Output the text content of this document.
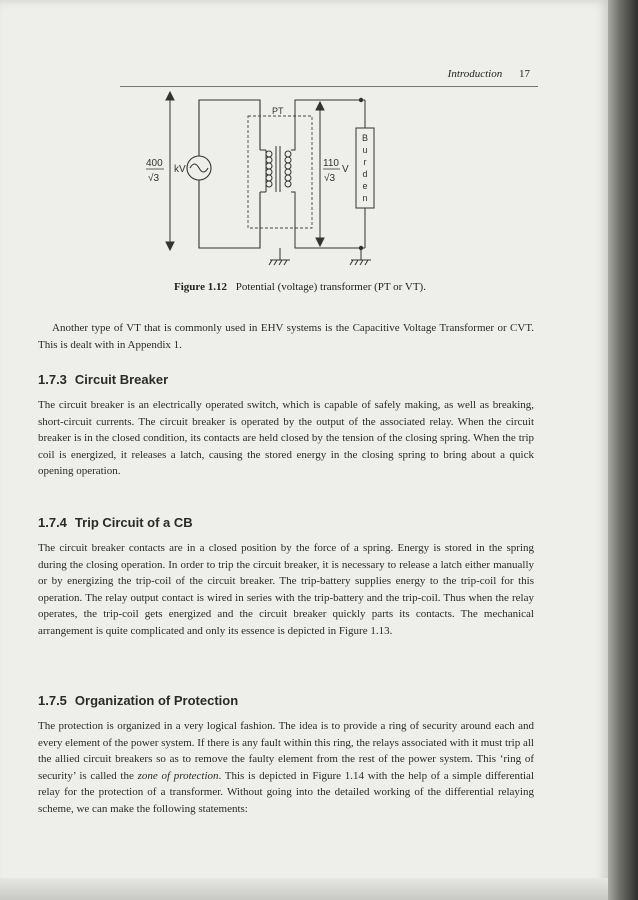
Introduction 17
400
√3
kV
PT
110
√3
V
B
u
r
d
e
n
Figure 1.12 Potential (voltage) transformer (PT or VT).

Another type of VT that is commonly used in EHV systems is the Capacitive Voltage Transformer or CVT. This is dealt with in Appendix 1.

1.7.3 Circuit Breaker

The circuit breaker is an electrically operated switch, which is capable of safely making, as well as breaking, short-circuit currents. The circuit breaker is operated by the output of the associated relay. When the circuit breaker is in the closed condition, its contacts are held closed by the tension of the closing spring. When the trip coil is energized, it releases a latch, causing the stored energy in the closing spring to bring about a quick opening operation.

1.7.4 Trip Circuit of a CB

The circuit breaker contacts are in a closed position by the force of a spring. Energy is stored in the spring during the closing operation. In order to trip the circuit breaker, it is necessary to release a latch either manually or by energizing the trip-coil of the circuit breaker. The trip-battery supplies energy to the trip-coil for this operation. The relay output contact is wired in series with the trip-battery and the trip-coil. Thus when the relay operates, the trip-coil gets energized and the circuit breaker quickly parts its contacts. The mechanical arrangement is quite complicated and only its essence is depicted in Figure 1.13.

1.7.5 Organization of Protection

The protection is organized in a very logical fashion. The idea is to provide a ring of security around each and every element of the power system. If there is any fault within this ring, the relays associated with it must trip all the allied circuit breakers so as to remove the faulty element from the rest of the power system. This ‘ring of security’ is called the zone of protection. This is depicted in Figure 1.14 with the help of a simple differential relay for the protection of a transformer. Without going into the detailed working of the differential relaying scheme, we can make the following statements:
